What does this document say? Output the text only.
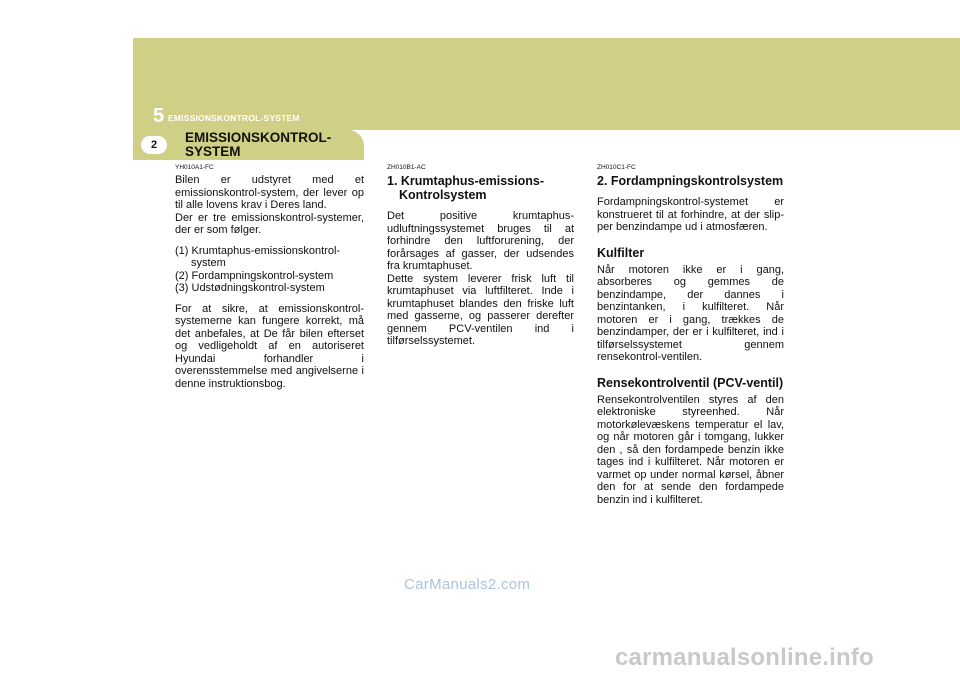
5 EMISSIONSKONTROL-SYSTEM
2	EMISSIONSKONTROL-
SYSTEM
YH010A1-FC

Bilen er udstyret med et emissionskontrol-system, der lever op til alle lovens krav i Deres land.

Der er tre emissionskontrol-systemer, der er som følger.

(1) Krumtaphus-emissionskontrol-
system
(2) Fordampningskontrol-system
(3) Udstødningskontrol-system

For at sikre, at emissionskontrol-systemerne kan fungere korrekt, må det anbefales, at De får bilen efterset og vedligeholdt af en autoriseret Hyundai forhandler i overensstemmelse med angivelserne i denne instruktionsbog.

ZH010B1-AC
1. Krumtaphus-emissions-
Kontrolsystem

Det positive krumtaphus-udluftningssystemet bruges til at forhindre den luftforurening, der forårsages af gasser, der udsendes fra krumtaphuset.

Dette system leverer frisk luft til krumtaphuset via luftfilteret. Inde i krumtaphuset blandes den friske luft med gasserne, og passerer derefter gennem PCV-ventilen ind i tilførselssystemet.

ZH010C1-FC
2. Fordampningskontrolsystem

Fordampningskontrol-systemet er konstrueret til at forhindre, at der slip-per benzindampe ud i atmosfæren.

Kulfilter

Når motoren ikke er i gang, absorberes og gemmes de benzindampe, der dannes i benzintanken, i kulfilteret. Når motoren er i gang, trækkes de benzindamper, der er i kulfilteret, ind i tilførselssystemet gennem rensekontrol-ventilen.

Rensekontrolventil (PCV-ventil)

Rensekontrolventilen styres af den elektroniske styreenhed. Når motorkølevæskens temperatur el lav, og når motoren går i tomgang, lukker den , så den fordampede benzin ikke tages ind i kulfilteret. Når motoren er varmet op under normal kørsel, åbner den for at sende den fordampede benzin ind i kulfilteret.

CarManuals2.com
carmanualsonline.info
